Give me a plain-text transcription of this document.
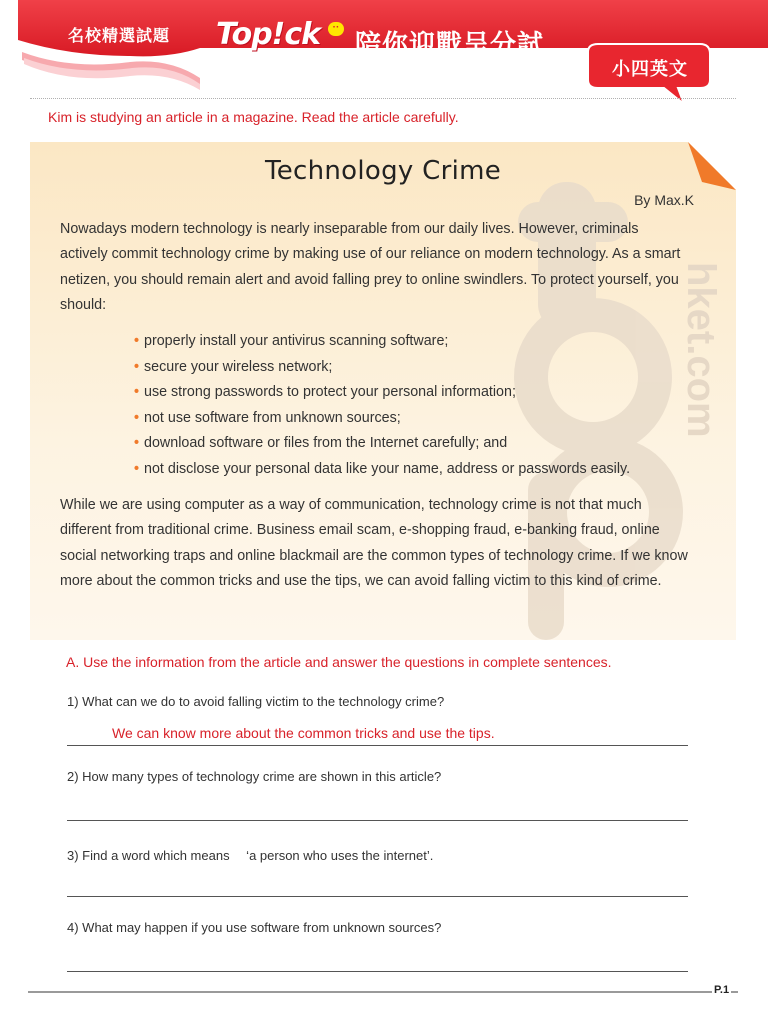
名校精選試題 Top!ck	··
hket.com 陪你迎戰呈分試
小四英文
Kim is studying an article in a magazine. Read the article carefully.
hket.com
Technology Crime
By Max.K

Nowadays modern technology is nearly inseparable from our daily lives. However, criminals actively commit technology crime by making use of our reliance on modern technology. As a smart netizen, you should remain alert and avoid falling prey to online swindlers. To protect yourself, you should:

• properly install your antivirus scanning software;
• secure your wireless network;
• use strong passwords to protect your personal information;
• not use software from unknown sources;
• download software or files from the Internet carefully; and
• not disclose your personal data like your name, address or passwords easily.

While we are using computer as a way of communication, technology crime is not that much different from traditional crime. Business email scam, e-shopping fraud, e-banking fraud, online social networking traps and online blackmail are the common types of technology crime. If we know more about the common tricks and use the tips, we can avoid falling victim to this kind of crime.

A. Use the information from the article and answer the questions in complete sentences.
1) What can we do to avoid falling victim to the technology crime?
We can know more about the common tricks and use the tips.
2) How many types of technology crime are shown in this article?
3) Find a word which means 　‘a person who uses the internet’.
4) What may happen if you use software from unknown sources?
P.1
